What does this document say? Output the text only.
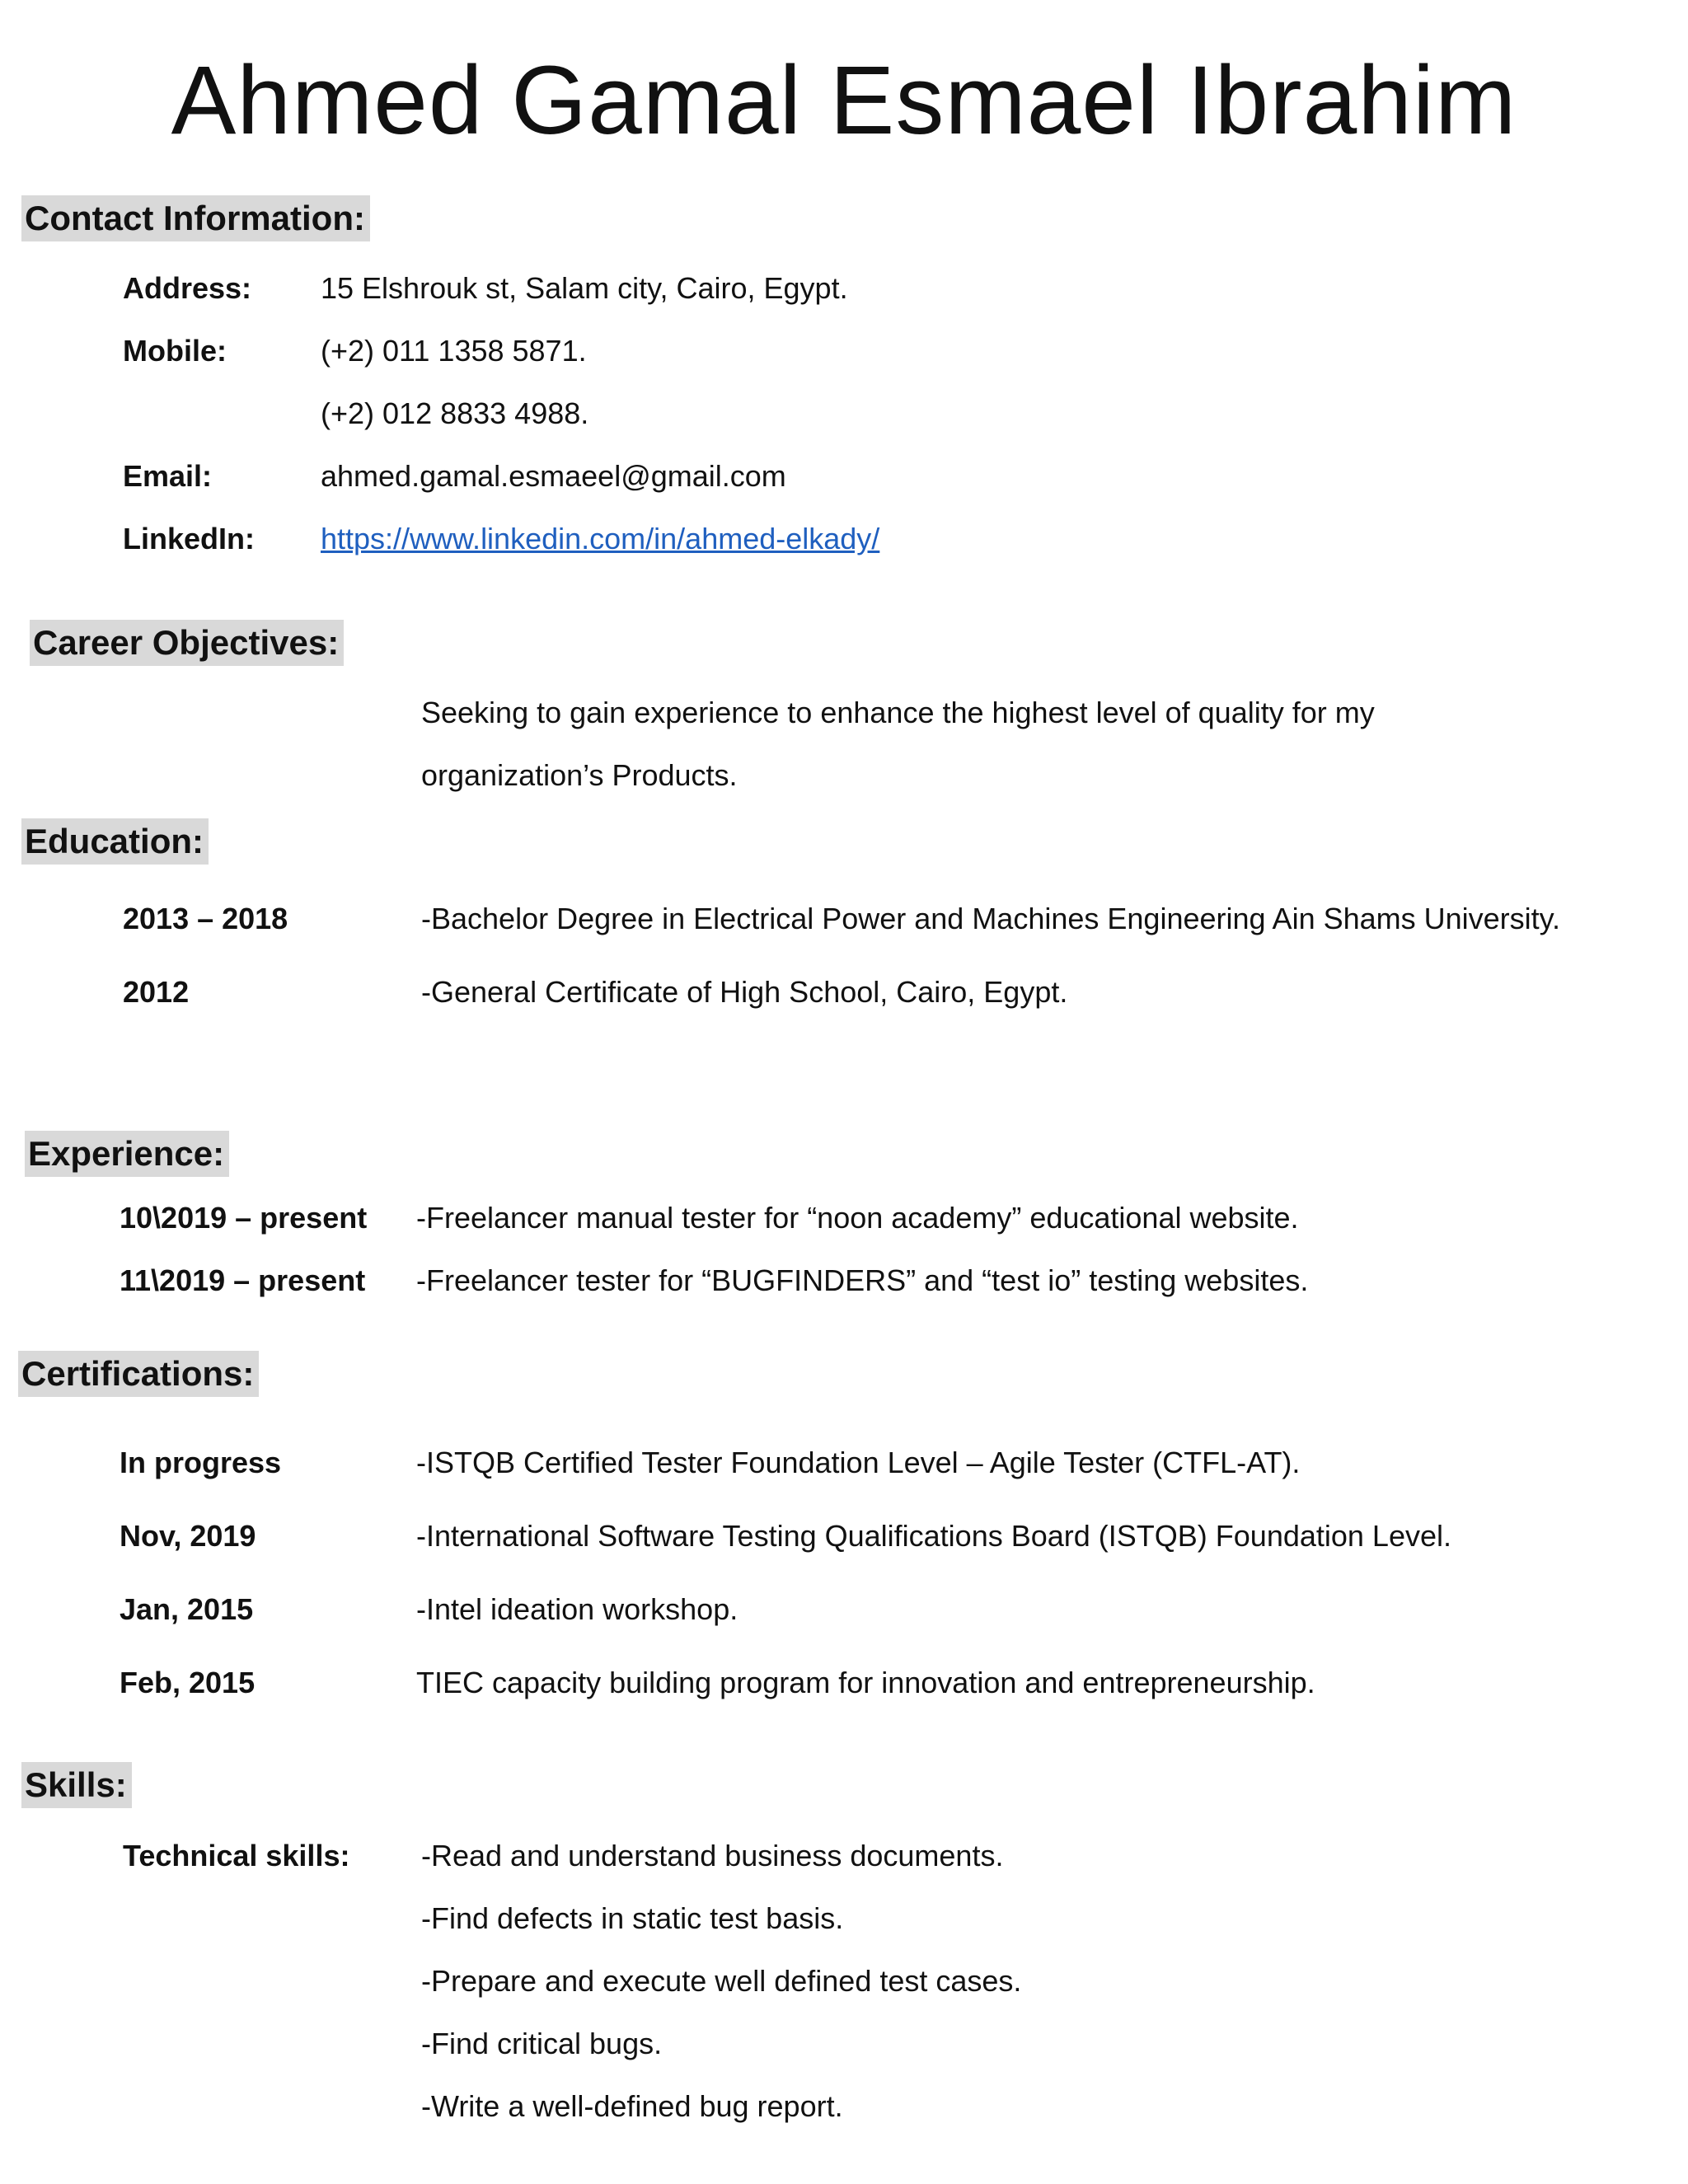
Ahmed Gamal Esmael Ibrahim
Contact Information:
Address: 15 Elshrouk st, Salam city, Cairo, Egypt.
Mobile:	(+2) 011 1358 5871.
(+2) 012 8833 4988.
Email:	ahmed.gamal.esmaeel@gmail.com
LinkedIn: https://www.linkedin.com/in/ahmed-elkady/
Career Objectives:
Seeking to gain experience to enhance the highest level of quality for my
organization’s Products.
Education:
2013 – 2018	-Bachelor Degree in Electrical Power and Machines Engineering Ain Shams University.
2012	-General Certificate of High School, Cairo, Egypt.
Experience:
10\2019 – present -Freelancer manual tester for “noon academy” educational website.
11\2019 – present -Freelancer tester for “BUGFINDERS” and “test io” testing websites.
Certifications:
In progress	-ISTQB Certified Tester Foundation Level – Agile Tester (CTFL-AT).
Nov, 2019	-International Software Testing Qualifications Board (ISTQB) Foundation Level.
Jan, 2015	-Intel ideation workshop.
Feb, 2015	TIEC capacity building program for innovation and entrepreneurship.
Skills:
Technical skills: -Read and understand business documents.
-Find defects in static test basis.
-Prepare and execute well defined test cases.
-Find critical bugs.
-Write a well-defined bug report.
